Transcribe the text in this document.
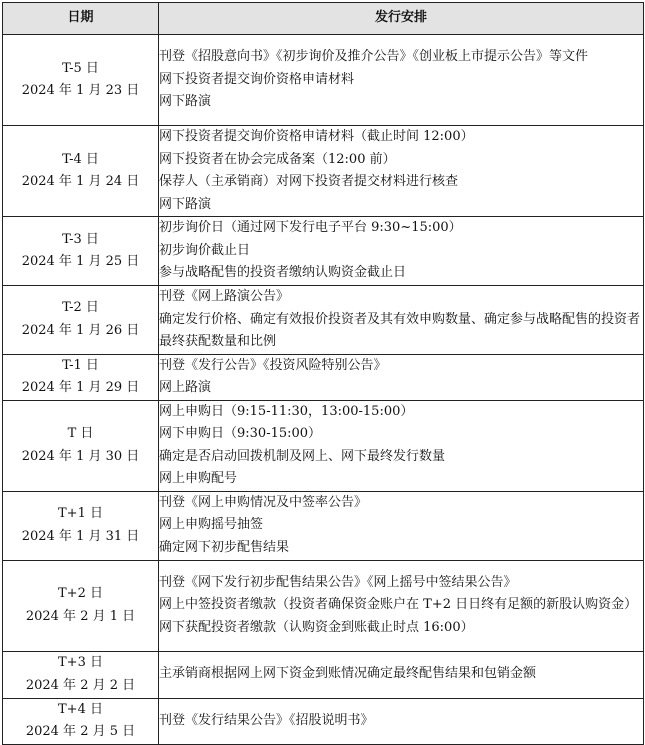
日期	发行安排

T-5 日
2024 年 1 月 23 日	刊登《招股意向书》《初步询价及推介公告》《创业板上市提示公告》等文件
网下投资者提交询价资格申请材料
网下路演

T-4 日
2024 年 1 月 24 日	网下投资者提交询价资格申请材料（截止时间 12:00）
网下投资者在协会完成备案（12:00 前）
保荐人（主承销商）对网下投资者提交材料进行核查
网下路演

T-3 日
2024 年 1 月 25 日	初步询价日（通过网下发行电子平台 9:30~15:00）
初步询价截止日
参与战略配售的投资者缴纳认购资金截止日

T-2 日
2024 年 1 月 26 日	刊登《网上路演公告》
确定发行价格、确定有效报价投资者及其有效申购数量、确定参与战略配售的投资者最终获配数量和比例

T-1 日
2024 年 1 月 29 日	刊登《发行公告》《投资风险特别公告》
网上路演

T 日
2024 年 1 月 30 日	网上申购日（9:15-11:30，13:00-15:00）
网下申购日（9:30-15:00）
确定是否启动回拨机制及网上、网下最终发行数量
网上申购配号

T+1 日
2024 年 1 月 31 日	刊登《网上申购情况及中签率公告》
网上申购摇号抽签
确定网下初步配售结果

T+2 日
2024 年 2 月 1 日	刊登《网下发行初步配售结果公告》《网上摇号中签结果公告》
网上中签投资者缴款（投资者确保资金账户在 T+2 日日终有足额的新股认购资金）
网下获配投资者缴款（认购资金到账截止时点 16:00）

T+3 日
2024 年 2 月 2 日	主承销商根据网上网下资金到账情况确定最终配售结果和包销金额

T+4 日
2024 年 2 月 5 日	刊登《发行结果公告》《招股说明书》
